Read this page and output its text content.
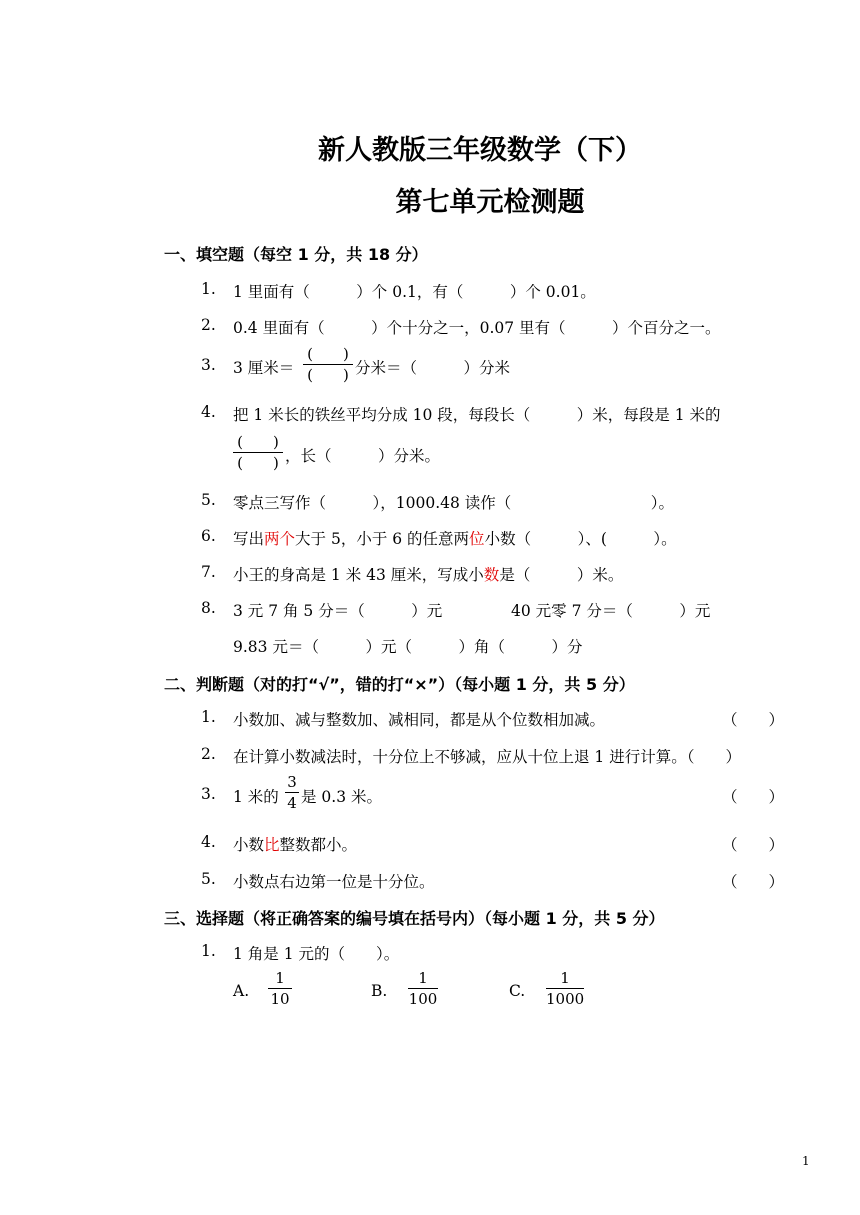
新人教版三年级数学（下）
第七单元检测题
一、填空题（每空 1 分，共 18 分）
1. 1 里面有（　　　）个 0.1，有（　　　）个 0.01。
2. 0.4 里面有（　　　）个十分之一，0.07 里有（　　　）个百分之一。
3. 3 厘米＝
(　　)
(　　) 分米＝（　　　）分米
4. 把 1 米长的铁丝平均分成 10 段，每段长（　　　）米，每段是 1 米的
(　　)
(　　) ，长（　　　）分米。
5. 零点三写作（　　　），1000.48 读作（　　　　　　　　　）。
6. 写出两个大于 5，小于 6 的任意两位小数（　　　）、(　　　）。
7. 小王的身高是 1 米 43 厘米，写成小数是（　　　）米。
8. 3 元 7 角 5 分＝（　　　）元	40 元零 7 分＝（　　　）元
9.83 元＝（　　　）元（　　　）角（　　　）分
二、判断题（对的打“√”，错的打“×”）（每小题 1 分，共 5 分）
1. 小数加、减与整数加、减相同，都是从个位数相加减。	（　　）
2. 在计算小数减法时，十分位上不够减，应从十位上退 1 进行计算。（　　）
3. 1 米的
3
4 是 0.3 米。	（　　）
4. 小数比整数都小。	（　　）
5. 小数点右边第一位是十分位。	（　　）
三、选择题（将正确答案的编号填在括号内）（每小题 1 分，共 5 分）
1. 1 角是 1 元的（　　）。
A.
1
10	B.
1
100	C.
1
1000
1
